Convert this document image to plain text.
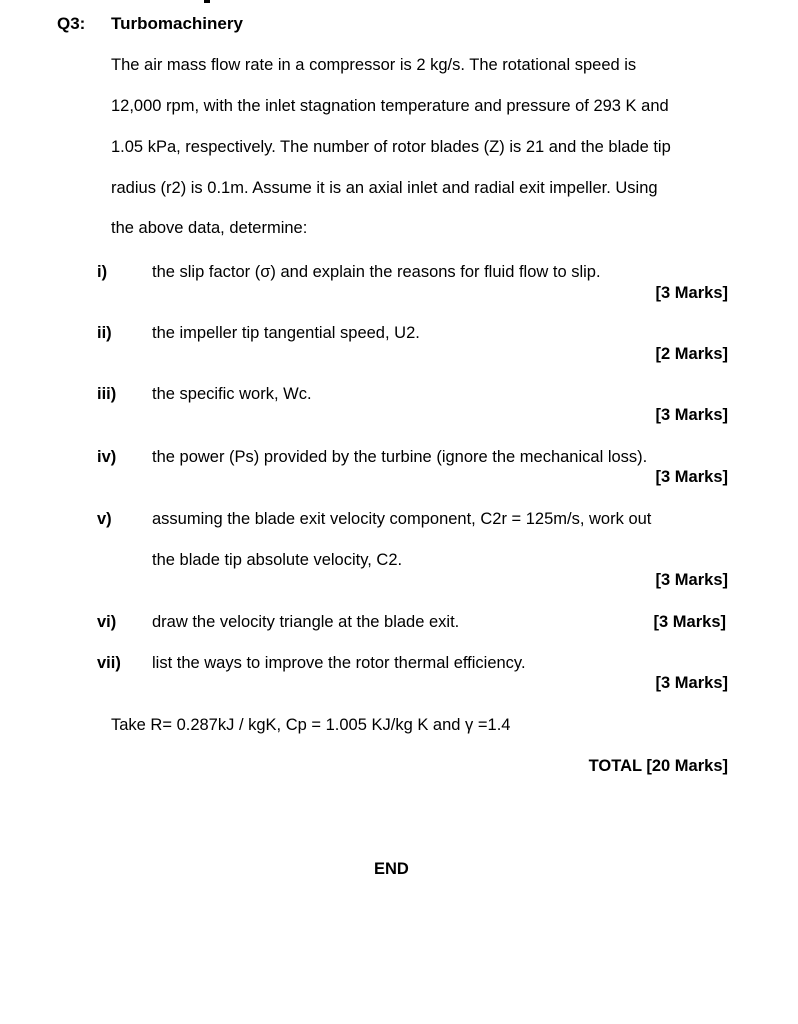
Q3: Turbomachinery
The air mass flow rate in a compressor is 2 kg/s. The rotational speed is
12,000 rpm, with the inlet stagnation temperature and pressure of 293 K and
1.05 kPa, respectively. The number of rotor blades (Z) is 21 and the blade tip
radius (r2) is 0.1m. Assume it is an axial inlet and radial exit impeller. Using
the above data, determine:
i)	the slip factor (σ) and explain the reasons for fluid flow to slip.
[3 Marks]
ii) the impeller tip tangential speed, U2.
[2 Marks]
iii) the specific work, Wc.
[3 Marks]
iv) the power (Ps) provided by the turbine (ignore the mechanical loss).
[3 Marks]
v) assuming the blade exit velocity component, C2r = 125m/s, work out
the blade tip absolute velocity, C2.
[3 Marks]
vi) draw the velocity triangle at the blade exit.	[3 Marks]
vii) list the ways to improve the rotor thermal efficiency.
[3 Marks]
Take R= 0.287kJ / kgK, Cp = 1.005 KJ/kg K and γ =1.4
TOTAL [20 Marks]
END
